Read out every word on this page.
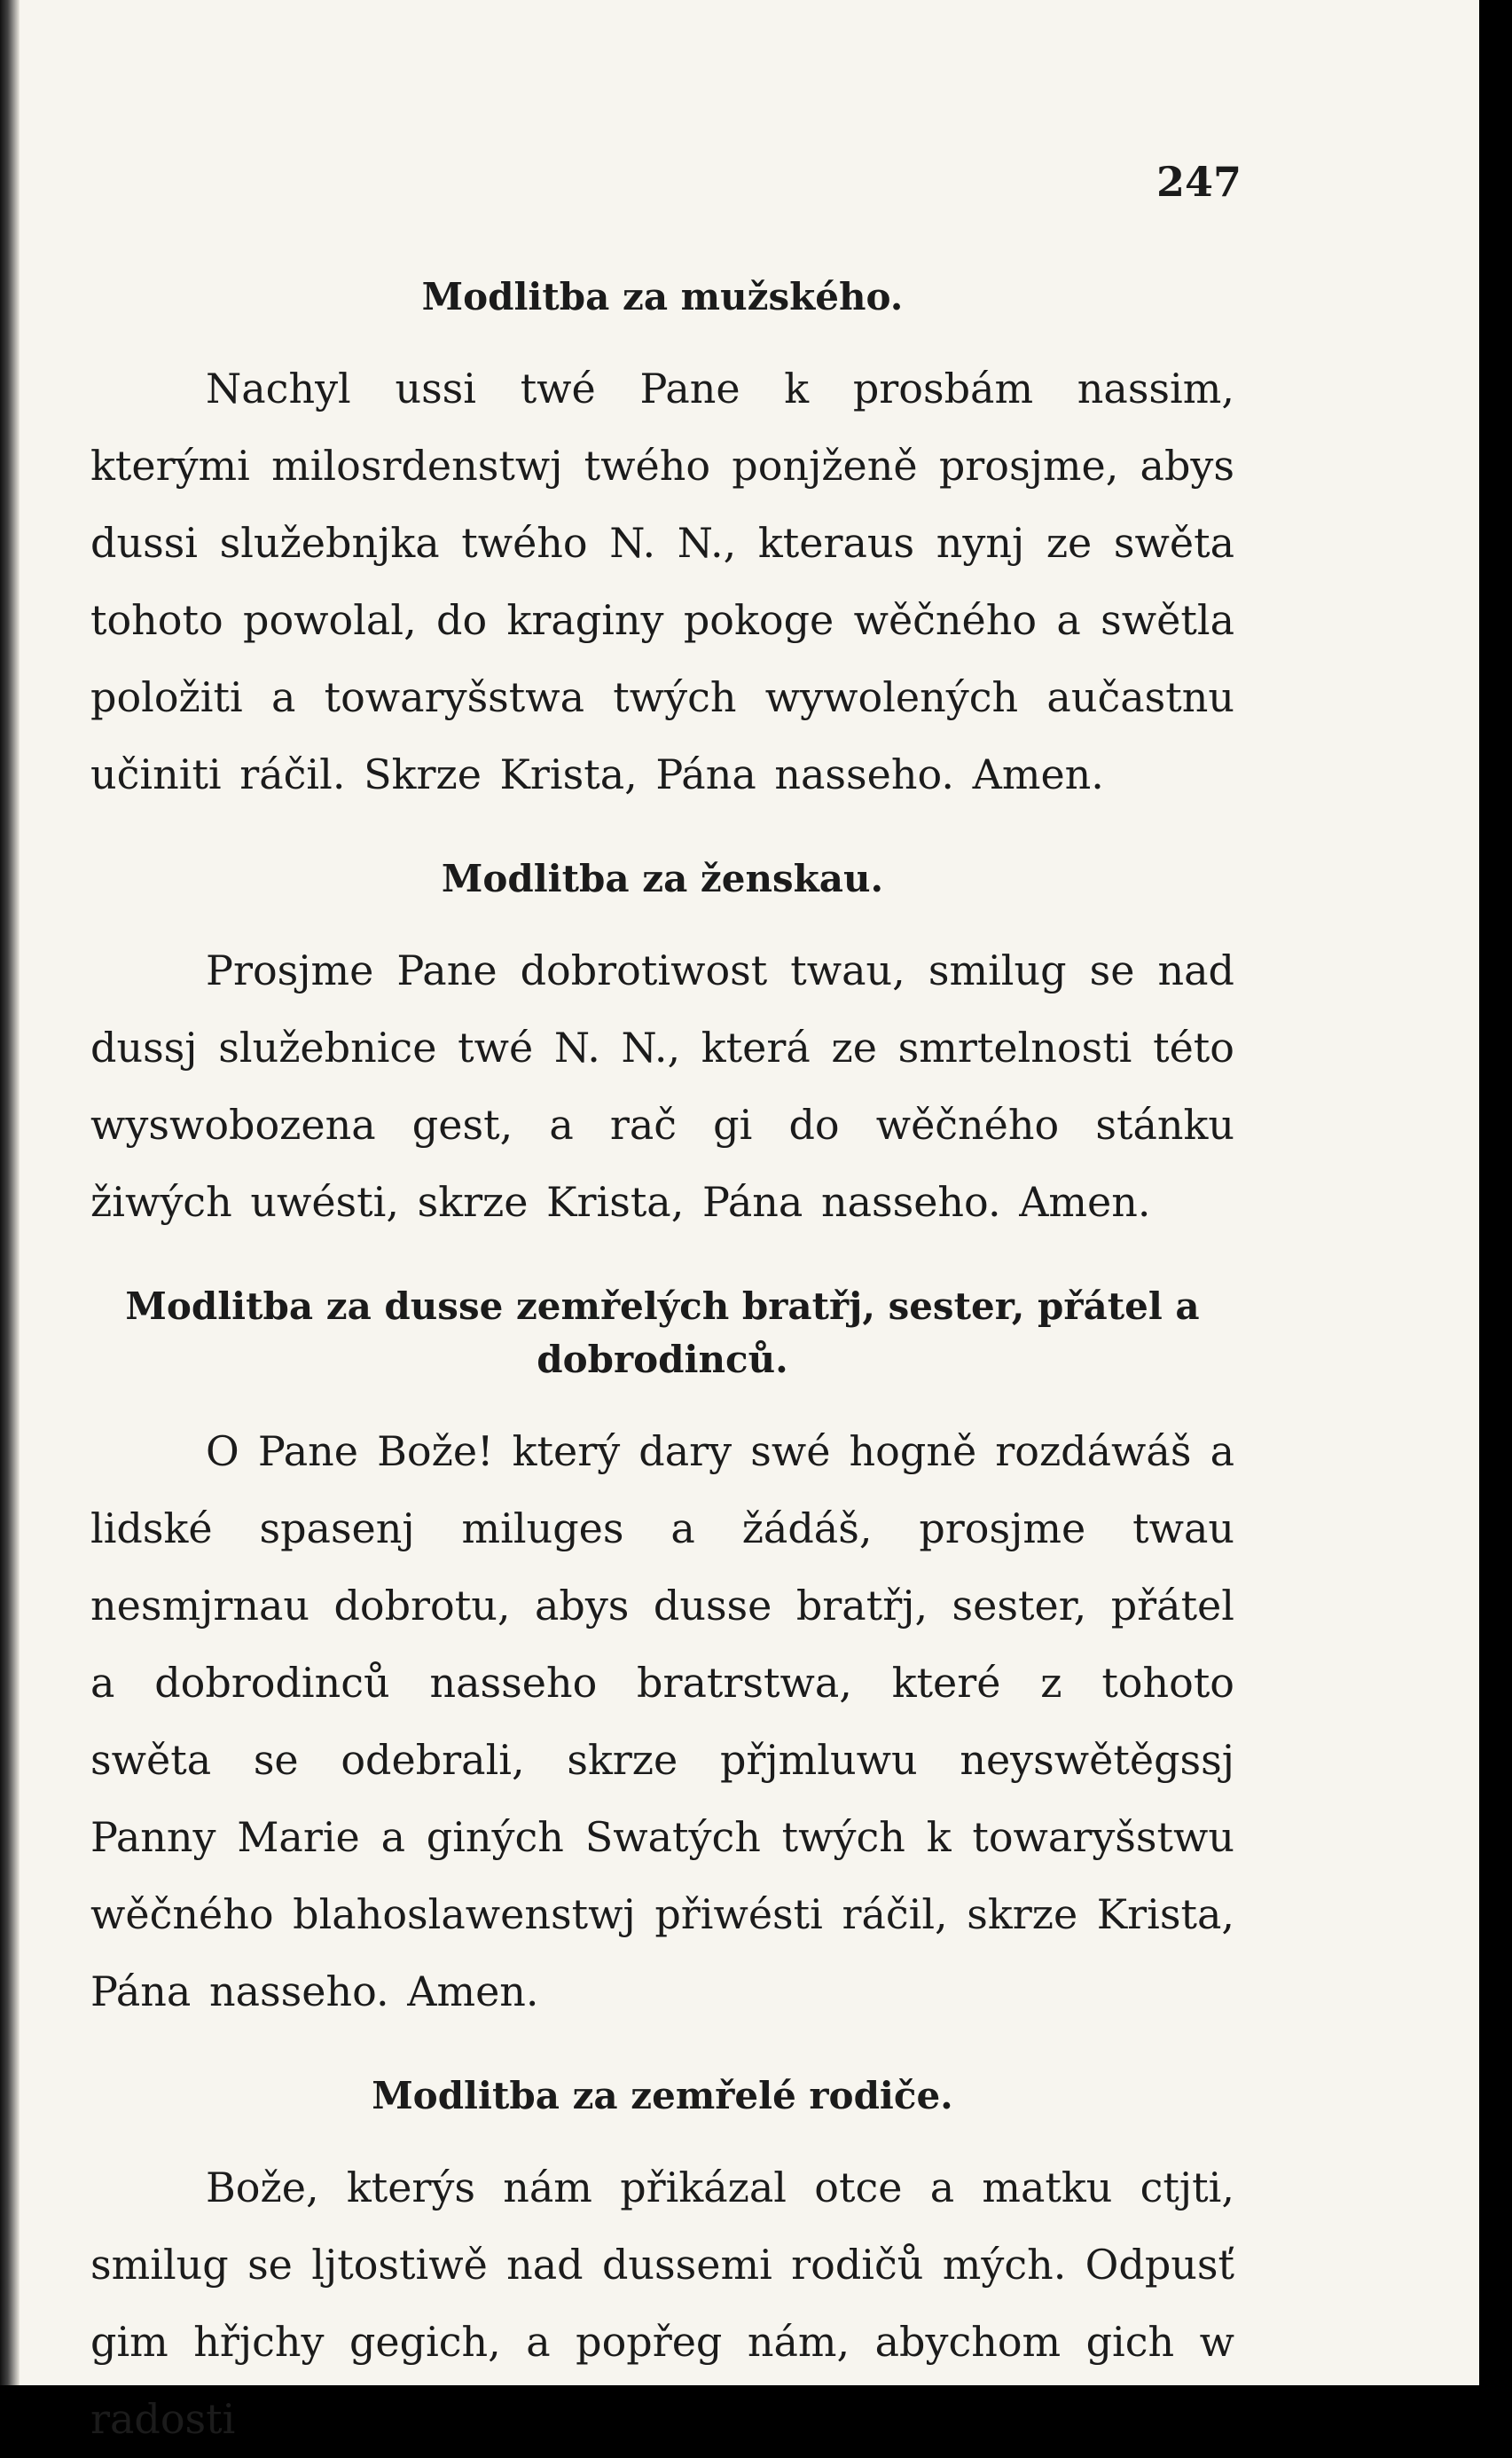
247

Modlitba za mužského.

Nachyl ussi twé Pane k prosbám nassim, kterými milosrdenstwj twého ponjženě prosjme, abys dussi služebnjka twého N. N., kteraus nynj ze swěta tohoto powolal, do kraginy pokoge wěčného a swětla položiti a towaryšstwa twých wywolených aučastnu učiniti ráčil. Skrze Krista, Pána nasseho. Amen.

Modlitba za ženskau.

Prosjme Pane dobrotiwost twau, smilug se nad dussj služebnice twé N. N., která ze smrtelnosti této wyswobozena gest, a rač gi do wěčného stánku žiwých uwésti, skrze Krista, Pána nasseho. Amen.

Modlitba za dusse zemřelých bratřj, sester, přátel a dobrodinců.

O Pane Bože! který dary swé hogně rozdáwáš a lidské spasenj miluges a žádáš, prosjme twau nesmjrnau dobrotu, abys dusse bratřj, sester, přátel a dobrodinců nasseho bratrstwa, které z tohoto swěta se odebrali, skrze přjmluwu neyswětěgssj Panny Marie a giných Swatých twých k towaryšstwu wěčného blahoslawenstwj přiwésti ráčil, skrze Krista, Pána nasseho. Amen.

Modlitba za zemřelé rodiče.

Bože, kterýs nám přikázal otce a matku ctjti, smilug se ljtostiwě nad dussemi rodičů mých. Odpusť gim hřjchy gegich, a popřeg nám, abychom gich w radosti
